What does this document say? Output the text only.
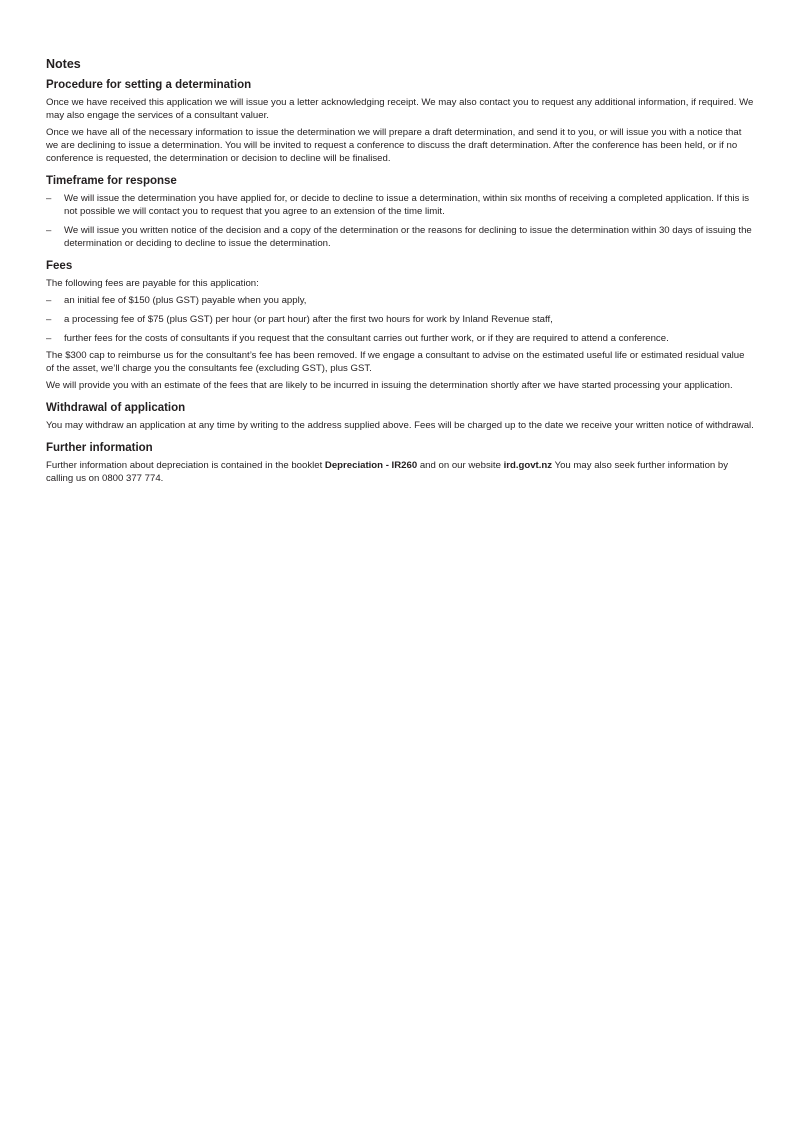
Notes
Procedure for setting a determination

Once we have received this application we will issue you a letter acknowledging receipt. We may also contact you to request any additional information, if required. We may also engage the services of a consultant valuer.

Once we have all of the necessary information to issue the determination we will prepare a draft determination, and send it to you, or will issue you with a notice that we are declining to issue a determination. You will be invited to request a conference to discuss the draft determination. After the conference has been held, or if no conference is requested, the determination or decision to decline will be finalised.

Timeframe for response
– We will issue the determination you have applied for, or decide to decline to issue a determination, within six months of receiving a completed application. If this is not possible we will contact you to request that you agree to an extension of the time limit.
– We will issue you written notice of the decision and a copy of the determination or the reasons for declining to issue the determination within 30 days of issuing the determination or deciding to decline to issue the determination.
Fees

The following fees are payable for this application:

– an initial fee of $150 (plus GST) payable when you apply,
– a processing fee of $75 (plus GST) per hour (or part hour) after the first two hours for work by Inland Revenue staff,
– further fees for the costs of consultants if you request that the consultant carries out further work, or if they are required to attend a conference.

The $300 cap to reimburse us for the consultant’s fee has been removed. If we engage a consultant to advise on the estimated useful life or estimated residual value of the asset, we’ll charge you the consultants fee (excluding GST), plus GST.

We will provide you with an estimate of the fees that are likely to be incurred in issuing the determination shortly after we have started processing your application.

Withdrawal of application

You may withdraw an application at any time by writing to the address supplied above. Fees will be charged up to the date we receive your written notice of withdrawal.

Further information

Further information about depreciation is contained in the booklet Depreciation - IR260 and on our website ird.govt.nz You may also seek further information by calling us on 0800 377 774.
